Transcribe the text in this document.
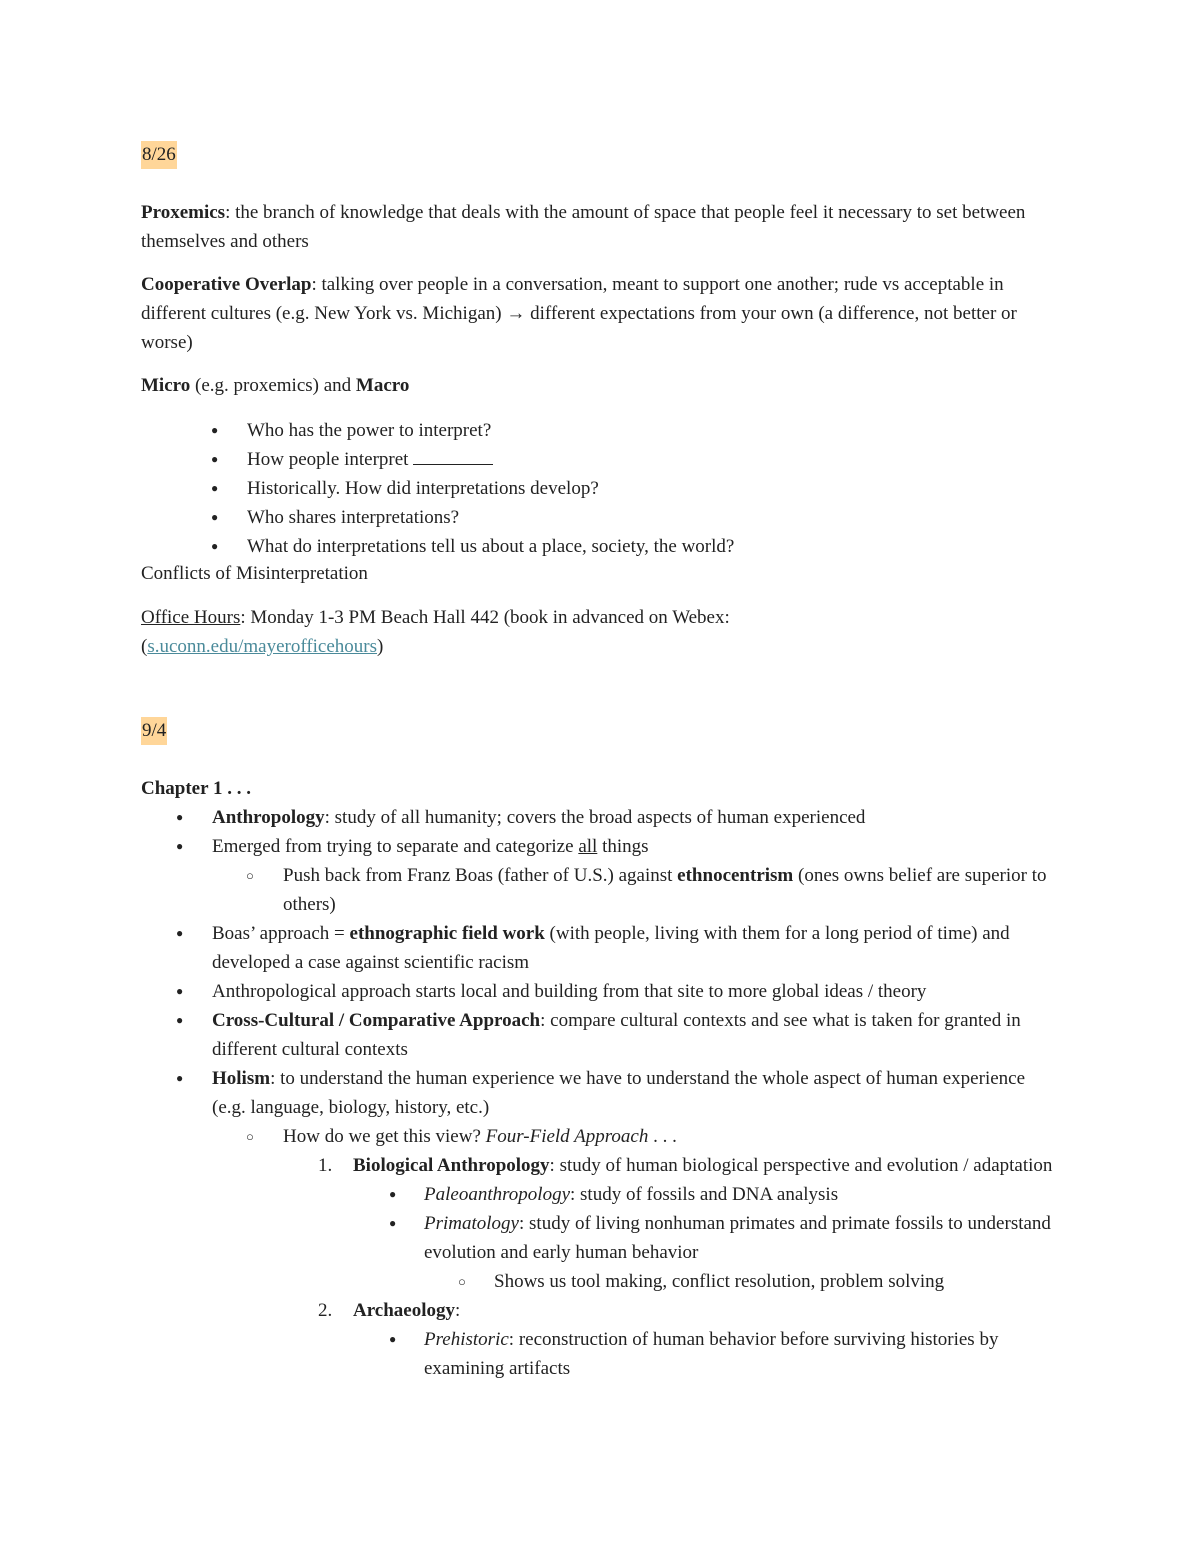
8/26

Proxemics: the branch of knowledge that deals with the amount of space that people feel it necessary to set between themselves and others

Cooperative Overlap: talking over people in a conversation, meant to support one another; rude vs acceptable in different cultures (e.g. New York vs. Michigan) → different expectations from your own (a difference, not better or worse)

Micro (e.g. proxemics) and Macro

● Who has the power to interpret?
● How people interpret
● Historically. How did interpretations develop?
● Who shares interpretations?
● What do interpretations tell us about a place, society, the world?

Conflicts of Misinterpretation

Office Hours: Monday 1-3 PM Beach Hall 442 (book in advanced on Webex:
(s.uconn.edu/mayerofficehours)

9/4

Chapter 1 . . .

● Anthropology: study of all humanity; covers the broad aspects of human experienced
● Emerged from trying to separate and categorize all things
○ Push back from Franz Boas (father of U.S.) against ethnocentrism (ones owns belief are superior to others)
● Boas’ approach = ethnographic field work (with people, living with them for a long period of time) and developed a case against scientific racism
● Anthropological approach starts local and building from that site to more global ideas / theory
● Cross-Cultural / Comparative Approach: compare cultural contexts and see what is taken for granted in different cultural contexts
● Holism: to understand the human experience we have to understand the whole aspect of human experience (e.g. language, biology, history, etc.)
○ How do we get this view? Four-Field Approach . . .
1. Biological Anthropology: study of human biological perspective and evolution / adaptation
● Paleoanthropology: study of fossils and DNA analysis
● Primatology: study of living nonhuman primates and primate fossils to understand evolution and early human behavior
○ Shows us tool making, conflict resolution, problem solving
2. Archaeology:
● Prehistoric: reconstruction of human behavior before surviving histories by examining artifacts
